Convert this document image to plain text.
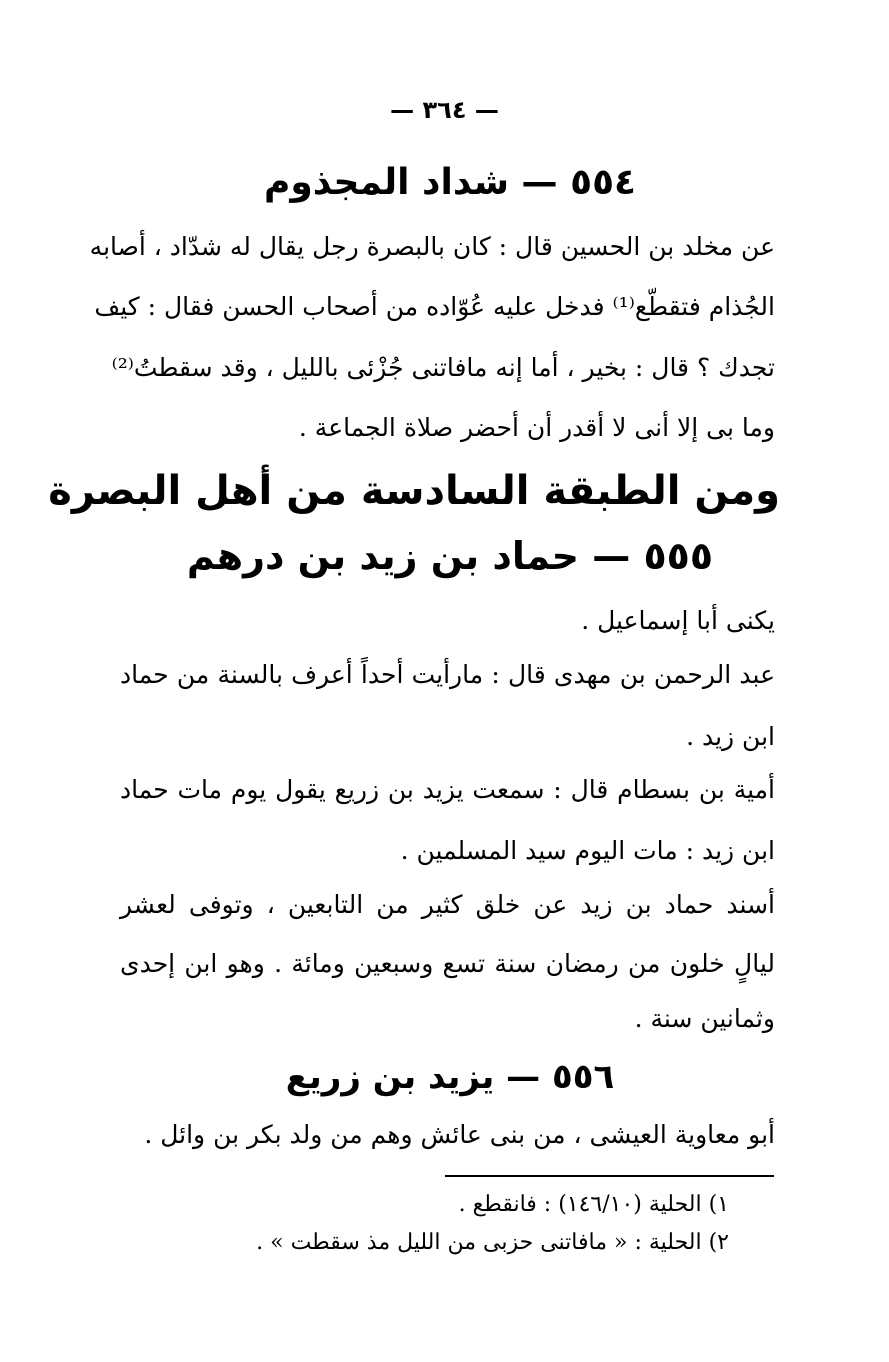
— ٣٦٤ —
٥٥٤ — شداد المجذوم
عن مخلد بن الحسين قال : كان بالبصرة رجل يقال له شدّاد ، أصابه
الجُذام فتقطّع⁽¹⁾ فدخل عليه عُوّاده من أصحاب الحسن فقال : كيف
تجدك ؟ قال : بخير ، أما إنه مافاتنى جُزْئى بالليل ، وقد سقطتُ⁽²⁾
وما بى إلا أنى لا أقدر أن أحضر صلاة الجماعة .
ومن الطبقة السادسة من أهل البصرة
٥٥٥ — حماد بن زيد بن درهم
يكنى أبا إسماعيل .
عبد الرحمن بن مهدى قال : مارأيت أحداً أعرف بالسنة من حماد
ابن زيد .
أمية بن بسطام قال : سمعت يزيد بن زريع يقول يوم مات حماد
ابن زيد : مات اليوم سيد المسلمين .
أسند حماد بن زيد عن خلق كثير من التابعين ، وتوفى لعشر
ليالٍ خلون من رمضان سنة تسع وسبعين ومائة . وهو ابن إحدى
وثمانين سنة .
٥٥٦ — يزيد بن زريع
أبو معاوية العيشى ، من بنى عائش وهم من ولد بكر بن وائل .
١) الحلية (١٤٦/١٠) : فانقطع .
٢) الحلية : « مافاتنى حزبى من الليل مذ سقطت » .
